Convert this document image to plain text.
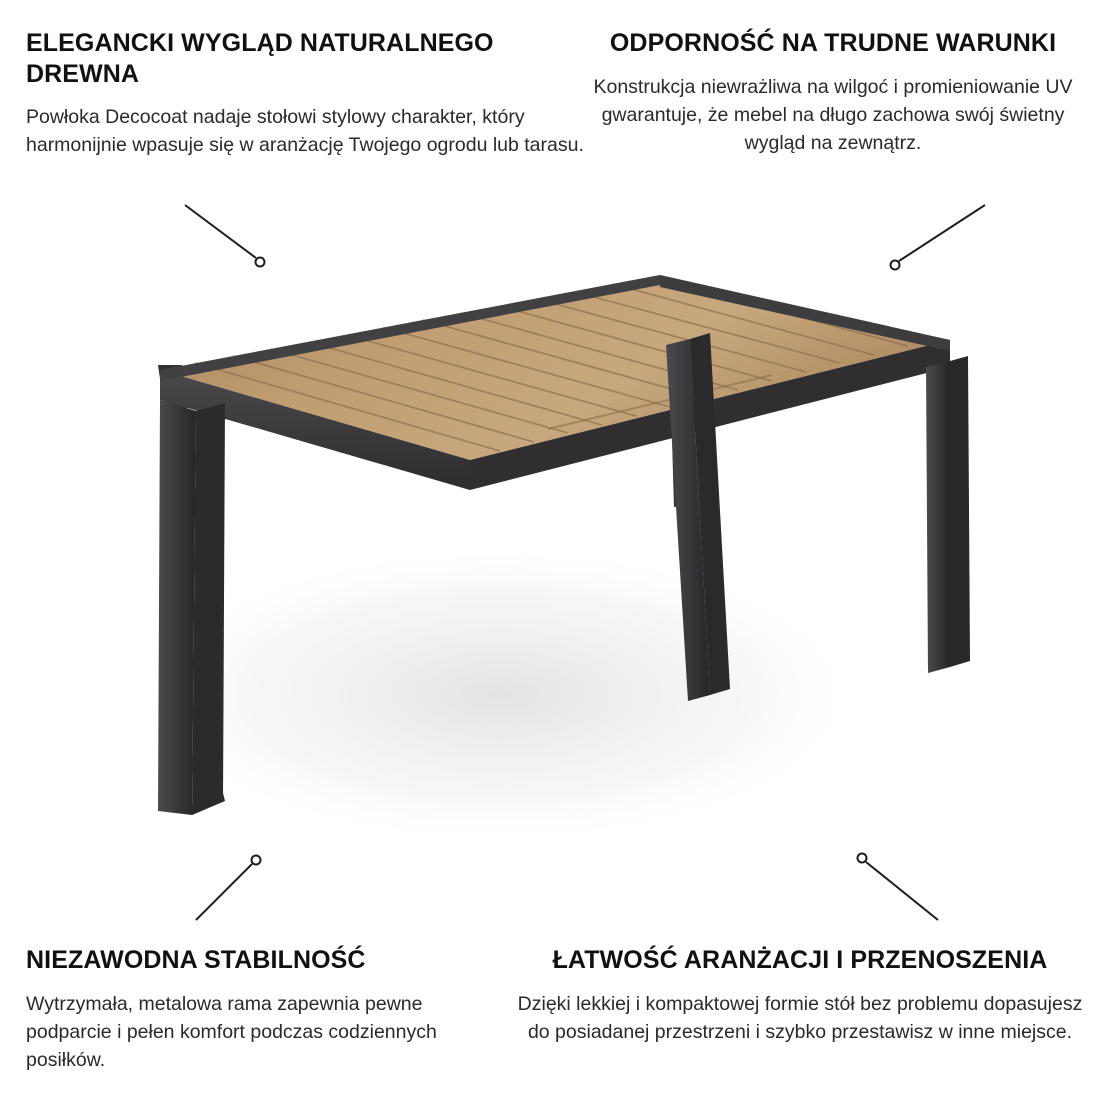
ELEGANCKI WYGLĄD NATURALNEGO DREWNA

Powłoka Decocoat nadaje stołowi stylowy charakter, który harmonijnie wpasuje się w aranżację Twojego ogrodu lub tarasu.

ODPORNOŚĆ NA TRUDNE WARUNKI

Konstrukcja niewrażliwa na wilgoć i promieniowanie UV gwarantuje, że mebel na długo zachowa swój świetny wygląd na zewnątrz.

NIEZAWODNA STABILNOŚĆ

Wytrzymała, metalowa rama zapewnia pewne podparcie i pełen komfort podczas codziennych posiłków.

ŁATWOŚĆ ARANŻACJI I PRZENOSZENIA

Dzięki lekkiej i kompaktowej formie stół bez problemu dopasujesz do posiadanej przestrzeni i szybko przestawisz w inne miejsce.
